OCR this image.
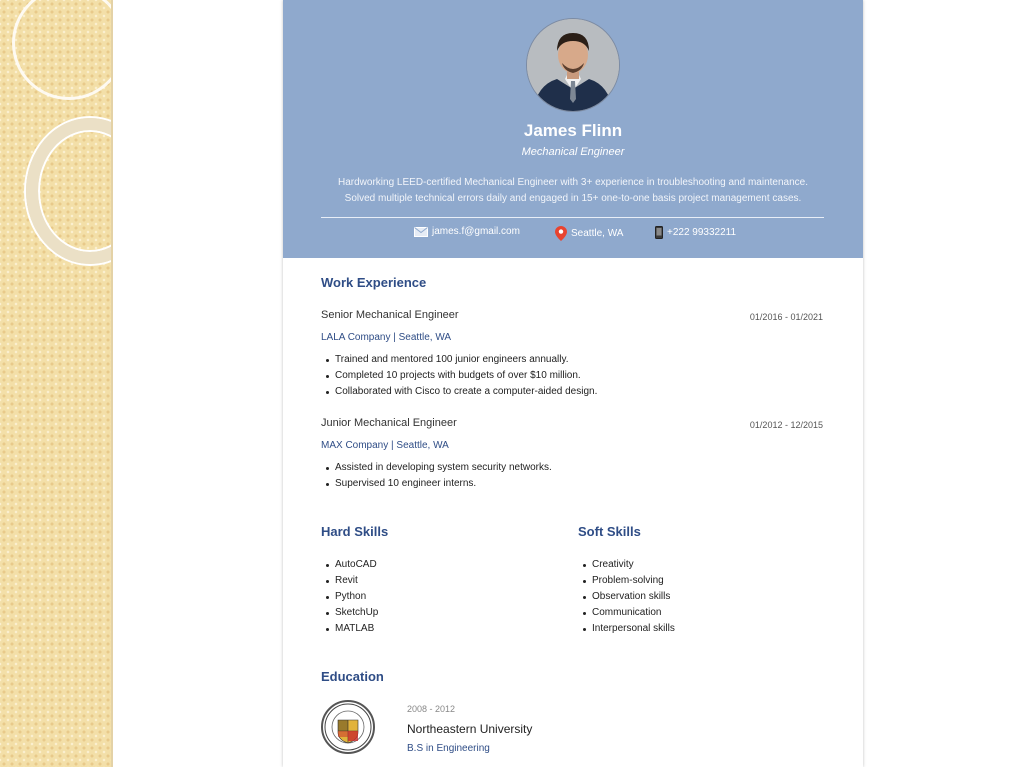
James Flinn
Mechanical Engineer
Hardworking LEED-certified Mechanical Engineer with 3+ experience in troubleshooting and maintenance. Solved multiple technical errors daily and engaged in 15+ one-to-one basis project management cases.
james.f@gmail.com	Seattle, WA	+222 99332211
Work Experience
Senior Mechanical Engineer	01/2016 - 01/2021
LALA Company | Seattle, WA
Trained and mentored 100 junior engineers annually.
Completed 10 projects with budgets of over $10 million.
Collaborated with Cisco to create a computer-aided design.
Junior Mechanical Engineer	01/2012 - 12/2015
MAX Company | Seattle, WA
Assisted in developing system security networks.
Supervised 10 engineer interns.
Hard Skills
AutoCAD
Revit
Python
SketchUp
MATLAB
Soft Skills
Creativity
Problem-solving
Observation skills
Communication
Interpersonal skills
Education
2008 - 2012
Northeastern University
B.S in Engineering
